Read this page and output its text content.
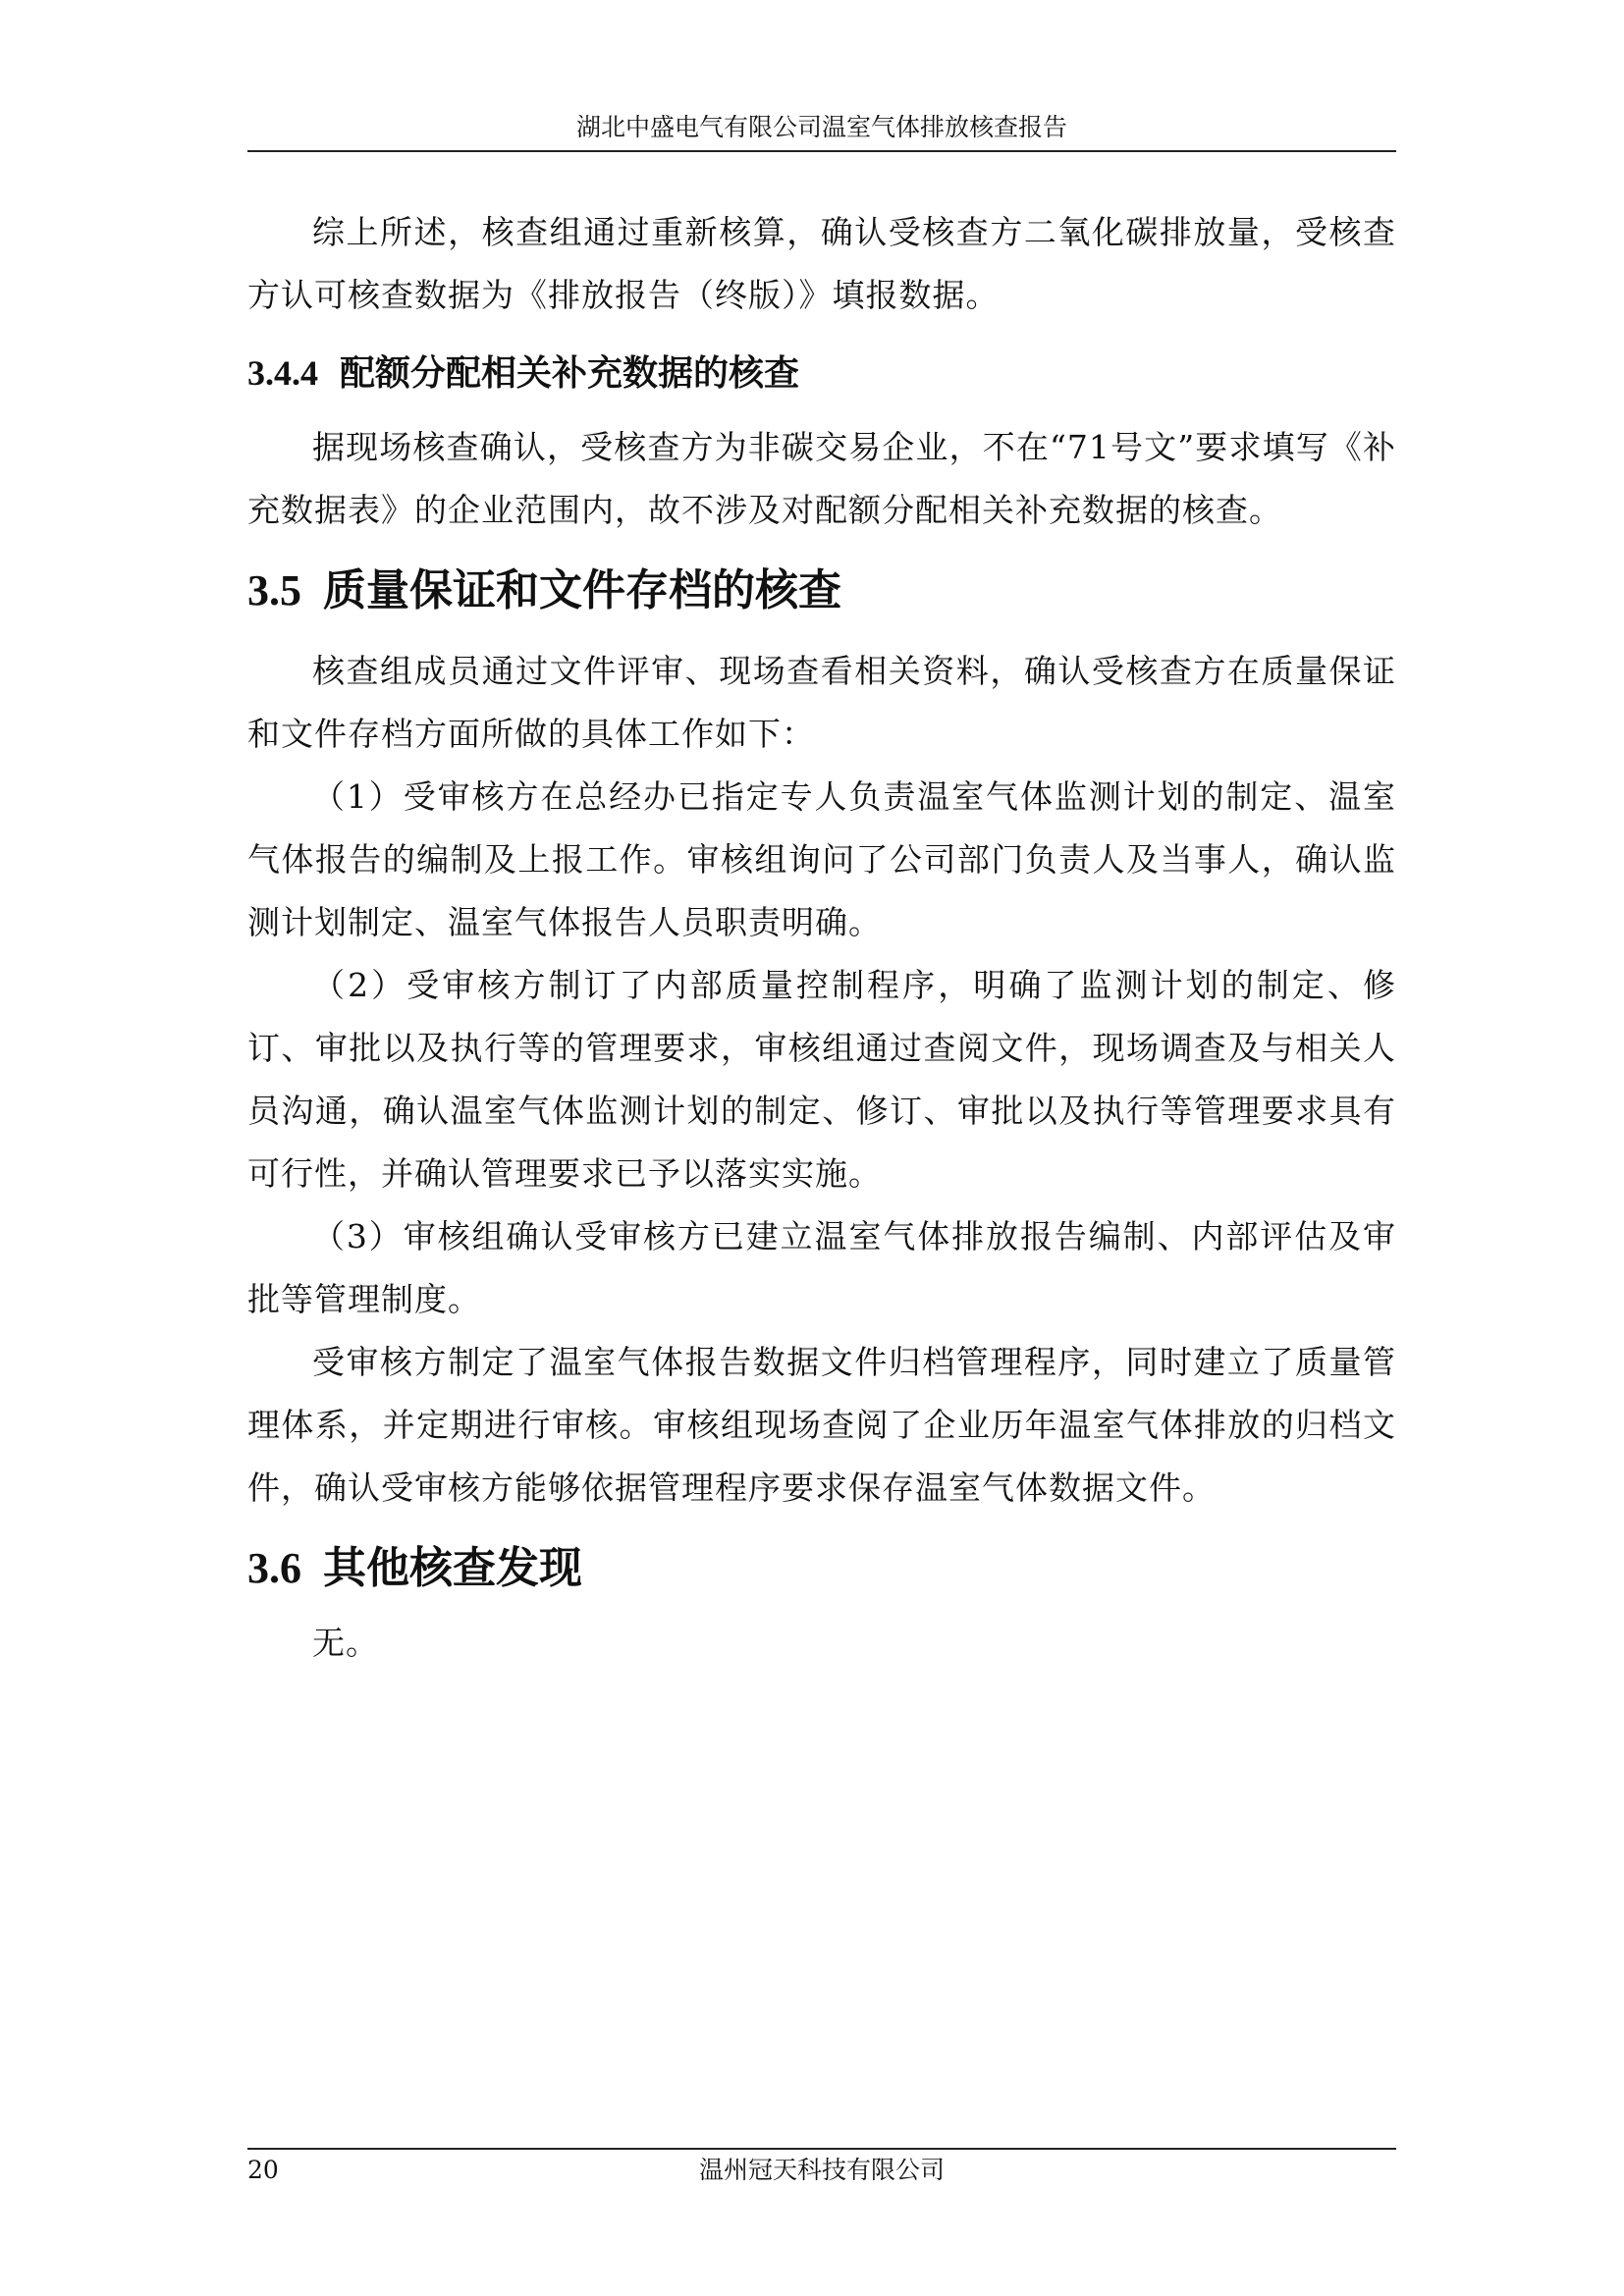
湖北中盛电气有限公司温室气体排放核查报告

综上所述，核查组通过重新核算，确认受核查方二氧化碳排放量，受核查方认可核查数据为《排放报告（终版）》填报数据。

3.4.4 配额分配相关补充数据的核查

据现场核查确认，受核查方为非碳交易企业，不在“71号文”要求填写《补充数据表》的企业范围内，故不涉及对配额分配相关补充数据的核查。

3.5 质量保证和文件存档的核查

核查组成员通过文件评审、现场查看相关资料，确认受核查方在质量保证和文件存档方面所做的具体工作如下：

（1）受审核方在总经办已指定专人负责温室气体监测计划的制定、温室气体报告的编制及上报工作。审核组询问了公司部门负责人及当事人，确认监测计划制定、温室气体报告人员职责明确。

（2）受审核方制订了内部质量控制程序，明确了监测计划的制定、修订、审批以及执行等的管理要求，审核组通过查阅文件，现场调查及与相关人员沟通，确认温室气体监测计划的制定、修订、审批以及执行等管理要求具有可行性，并确认管理要求已予以落实实施。

（3）审核组确认受审核方已建立温室气体排放报告编制、内部评估及审批等管理制度。

受审核方制定了温室气体报告数据文件归档管理程序，同时建立了质量管理体系，并定期进行审核。审核组现场查阅了企业历年温室气体排放的归档文件，确认受审核方能够依据管理程序要求保存温室气体数据文件。

3.6 其他核查发现

无。

20	温州冠天科技有限公司
